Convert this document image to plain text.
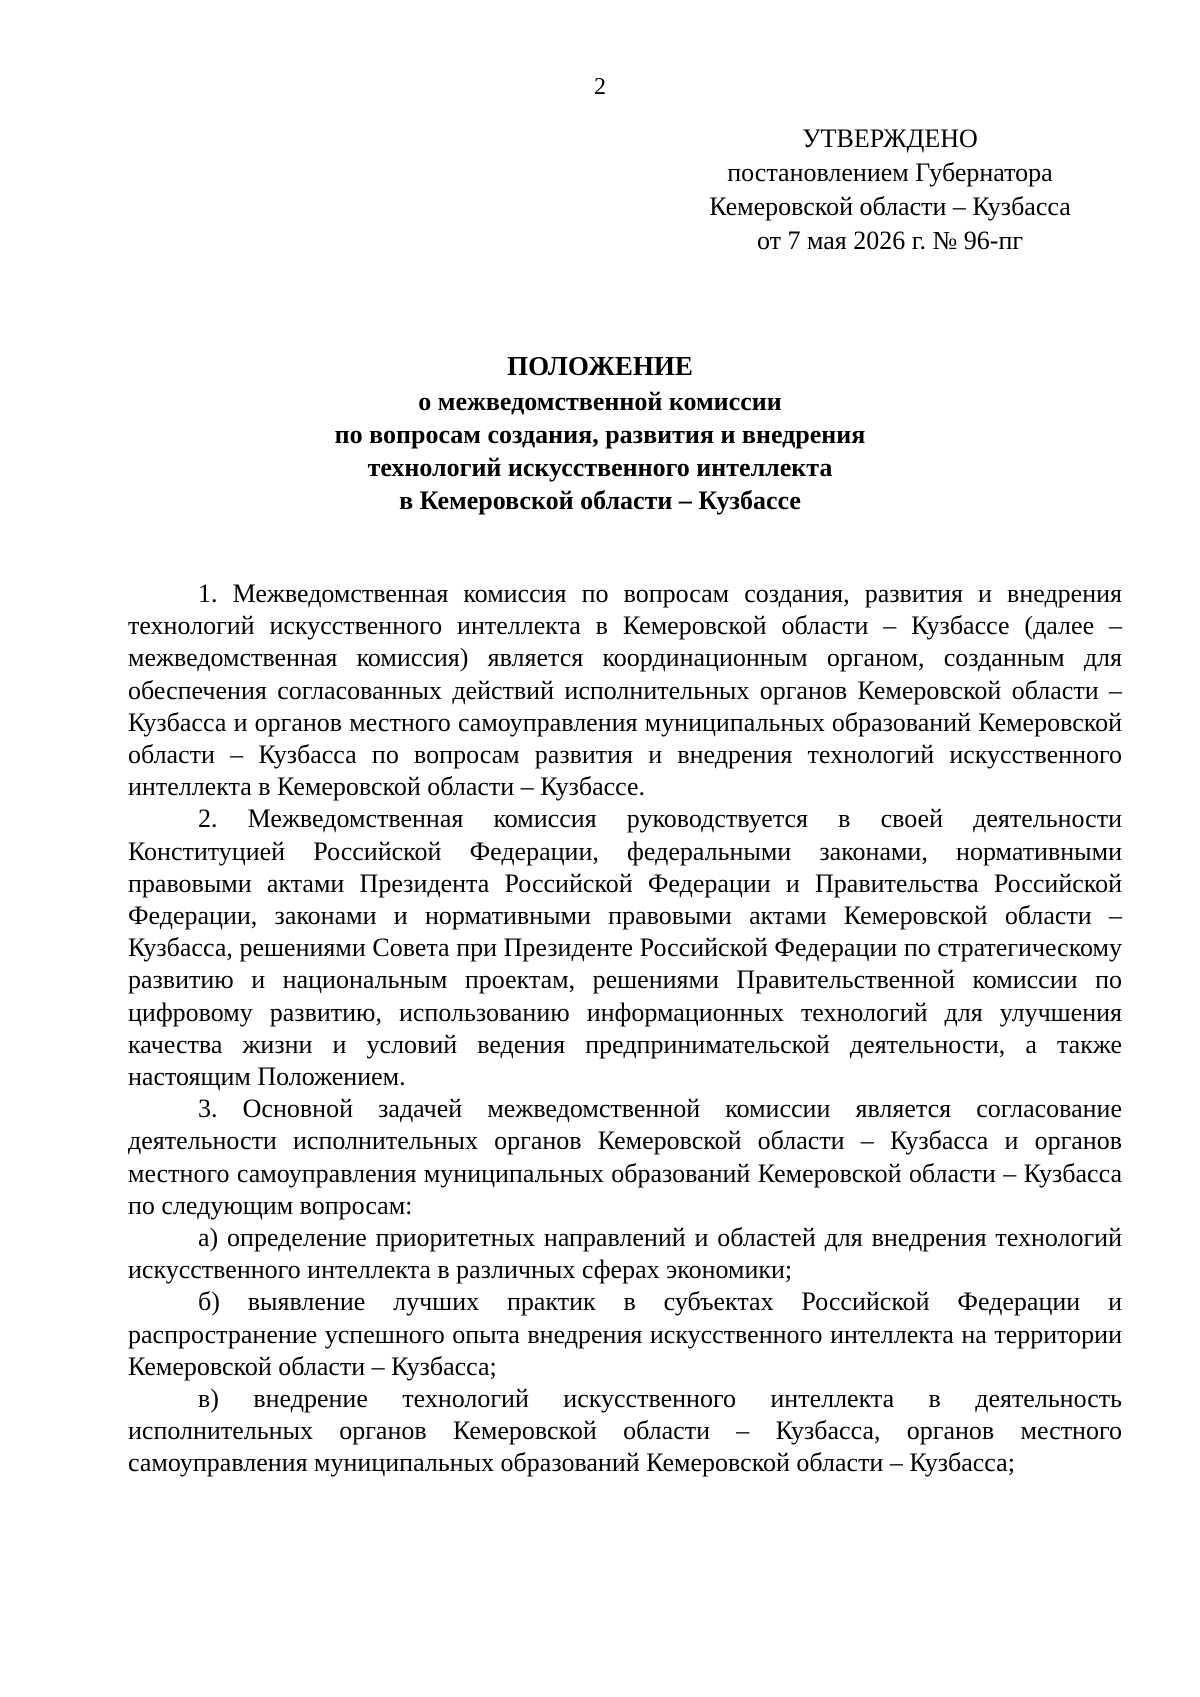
2
УТВЕРЖДЕНО
постановлением Губернатора
Кемеровской области – Кузбасса
от 7 мая 2026 г. № 96-пг
ПОЛОЖЕНИЕ
о межведомственной комиссии
по вопросам создания, развития и внедрения
технологий искусственного интеллекта
в Кемеровской области – Кузбассе

1. Межведомственная комиссия по вопросам создания, развития и внедрения технологий искусственного интеллекта в Кемеровской области – Кузбассе (далее – межведомственная комиссия) является координационным органом, созданным для обеспечения согласованных действий исполнительных органов Кемеровской области – Кузбасса и органов местного самоуправления муниципальных образований Кемеровской области – Кузбасса по вопросам развития и внедрения технологий искусственного интеллекта в Кемеровской области – Кузбассе.

2. Межведомственная комиссия руководствуется в своей деятельности Конституцией Российской Федерации, федеральными законами, нормативными правовыми актами Президента Российской Федерации и Правительства Российской Федерации, законами и нормативными правовыми актами Кемеровской области – Кузбасса, решениями Совета при Президенте Российской Федерации по стратегическому развитию и национальным проектам, решениями Правительственной комиссии по цифровому развитию, использованию информационных технологий для улучшения качества жизни и условий ведения предпринимательской деятельности, а также настоящим Положением.

3. Основной задачей межведомственной комиссии является согласование деятельности исполнительных органов Кемеровской области – Кузбасса и органов местного самоуправления муниципальных образований Кемеровской области – Кузбасса по следующим вопросам:

а) определение приоритетных направлений и областей для внедрения технологий искусственного интеллекта в различных сферах экономики;

б) выявление лучших практик в субъектах Российской Федерации и распространение успешного опыта внедрения искусственного интеллекта на территории Кемеровской области – Кузбасса;

в) внедрение технологий искусственного интеллекта в деятельность исполнительных органов Кемеровской области – Кузбасса, органов местного самоуправления муниципальных образований Кемеровской области – Кузбасса;
